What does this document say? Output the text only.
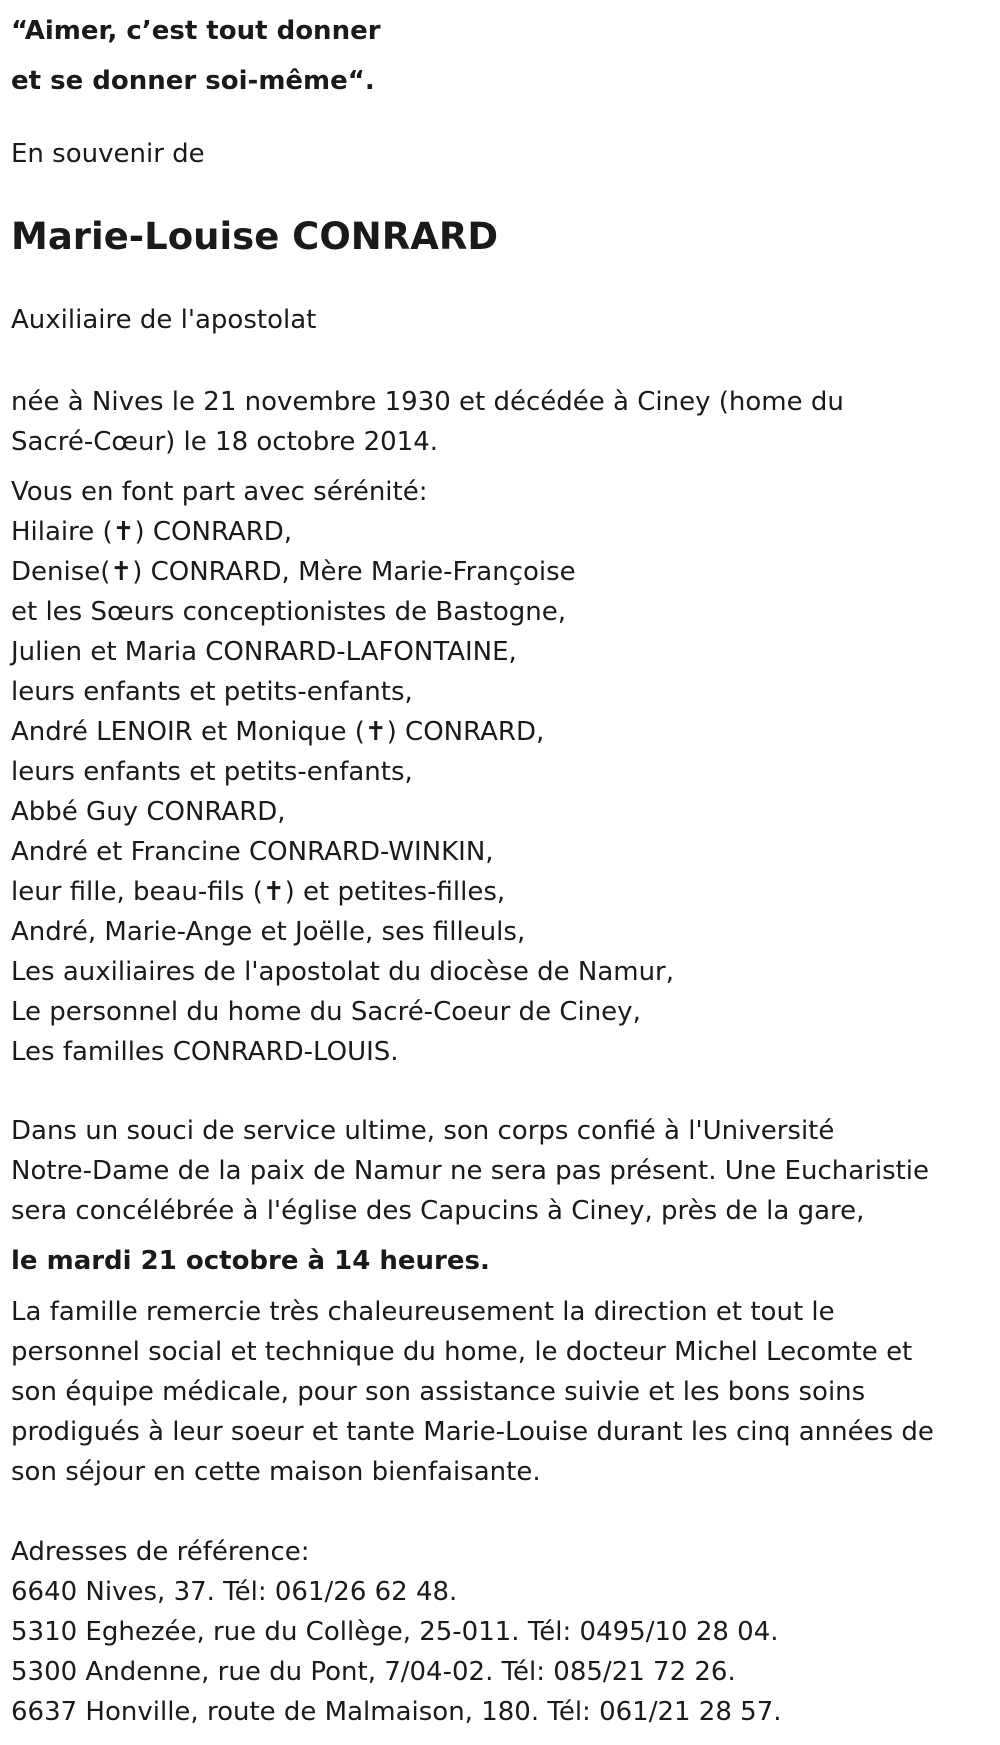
“Aimer, c’est tout donner
et se donner soi-même“.
En souvenir de
Marie-Louise CONRARD
Auxiliaire de l'apostolat
née à Nives le 21 novembre 1930 et décédée à Ciney (home du
Sacré-Cœur) le 18 octobre 2014.
Vous en font part avec sérénité:
Hilaire (✝) CONRARD,
Denise(✝) CONRARD, Mère Marie-Françoise
et les Sœurs conceptionistes de Bastogne,
Julien et Maria CONRARD-LAFONTAINE,
leurs enfants et petits-enfants,
André LENOIR et Monique (✝) CONRARD,
leurs enfants et petits-enfants,
Abbé Guy CONRARD,
André et Francine CONRARD-WINKIN,
leur fille, beau-fils (✝) et petites-filles,
André, Marie-Ange et Joëlle, ses filleuls,
Les auxiliaires de l'apostolat du diocèse de Namur,
Le personnel du home du Sacré-Coeur de Ciney,
Les familles CONRARD-LOUIS.
Dans un souci de service ultime, son corps confié à l'Université
Notre-Dame de la paix de Namur ne sera pas présent. Une Eucharistie
sera concélébrée à l'église des Capucins à Ciney, près de la gare,
le mardi 21 octobre à 14 heures.
La famille remercie très chaleureusement la direction et tout le
personnel social et technique du home, le docteur Michel Lecomte et
son équipe médicale, pour son assistance suivie et les bons soins
prodigués à leur soeur et tante Marie-Louise durant les cinq années de
son séjour en cette maison bienfaisante.
Adresses de référence:
6640 Nives, 37. Tél: 061/26 62 48.
5310 Eghezée, rue du Collège, 25-011. Tél: 0495/10 28 04.
5300 Andenne, rue du Pont, 7/04-02. Tél: 085/21 72 26.
6637 Honville, route de Malmaison, 180. Tél: 061/21 28 57.
